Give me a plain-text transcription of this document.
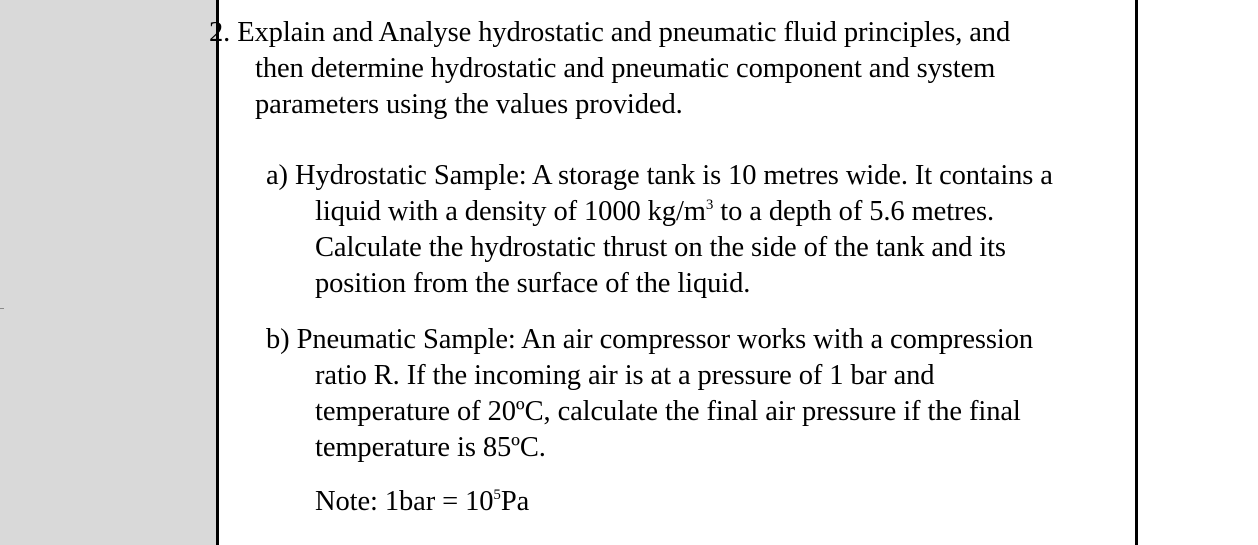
2. Explain and Analyse hydrostatic and pneumatic fluid principles, and
then determine hydrostatic and pneumatic component and system
parameters using the values provided.
a) Hydrostatic Sample: A storage tank is 10 metres wide. It contains a
liquid with a density of 1000 $kg/m^3$ to a depth of 5.6 metres.
Calculate the hydrostatic thrust on the side of the tank and its
position from the surface of the liquid.
b) Pneumatic Sample: An air compressor works with a compression
ratio R. If the incoming air is at a pressure of 1 bar and
temperature of 20ºC, calculate the final air pressure if the final
temperature is 85ºC.
Note: $1bar = 10^5Pa$
